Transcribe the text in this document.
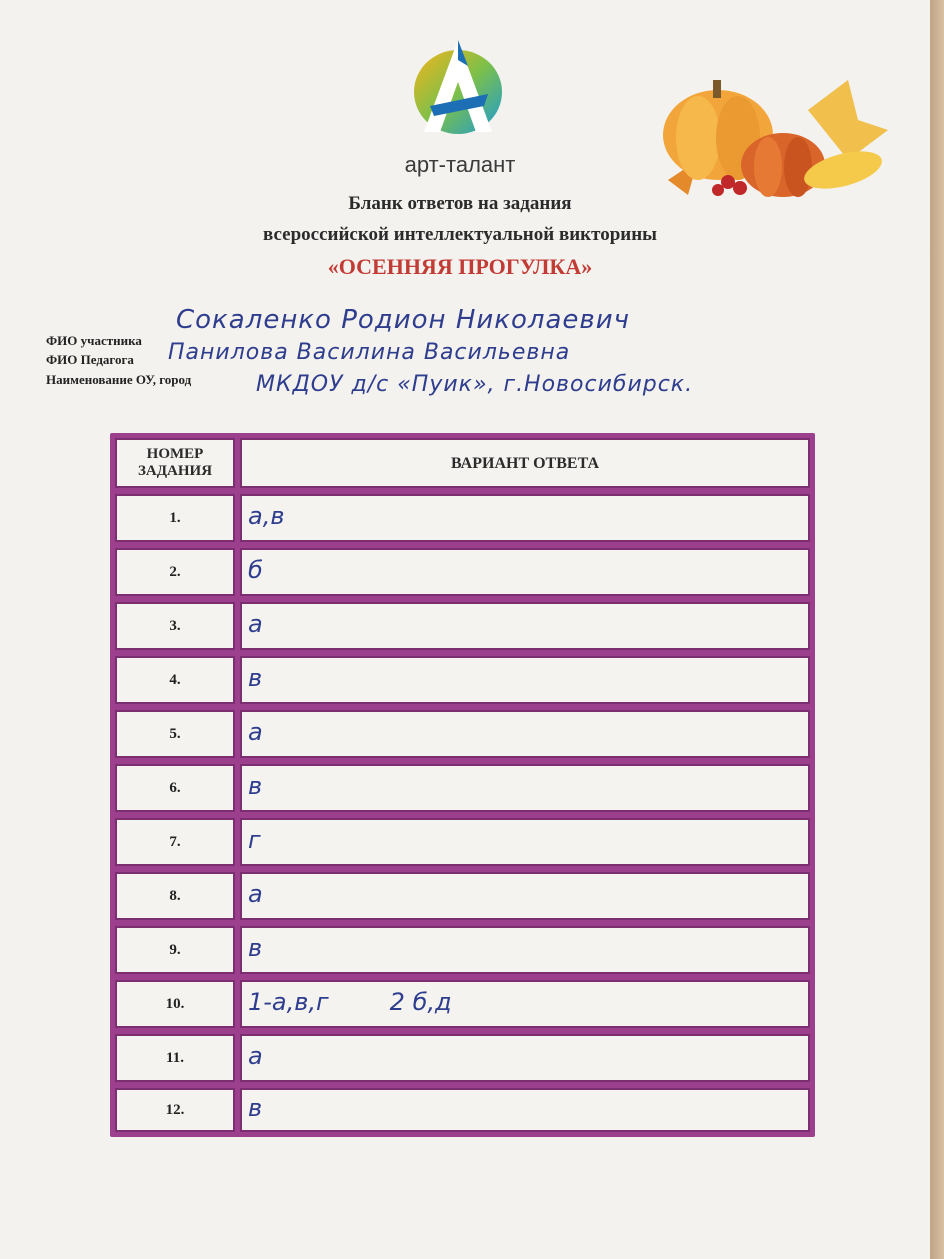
арт-талант
Бланк ответов на задания
всероссийской интеллектуальной викторины
«ОСЕННЯЯ ПРОГУЛКА»
ФИО участника
Сокаленко Родион Николаевич
ФИО Педагога Панилова Василина Васильевна
Наименование ОУ, город	МКДОУ д/с «Пуик», г.Новосибирск.
НОМЕР
ЗАДАНИЯ	ВАРИАНТ ОТВЕТА
1.	а,в
2.	б
3.	а
4.	в
5.	а
6.	в
7.	г
8.	а
9.	в
10.	1-а,в,г        2 б,д
11.	а
12.	в
